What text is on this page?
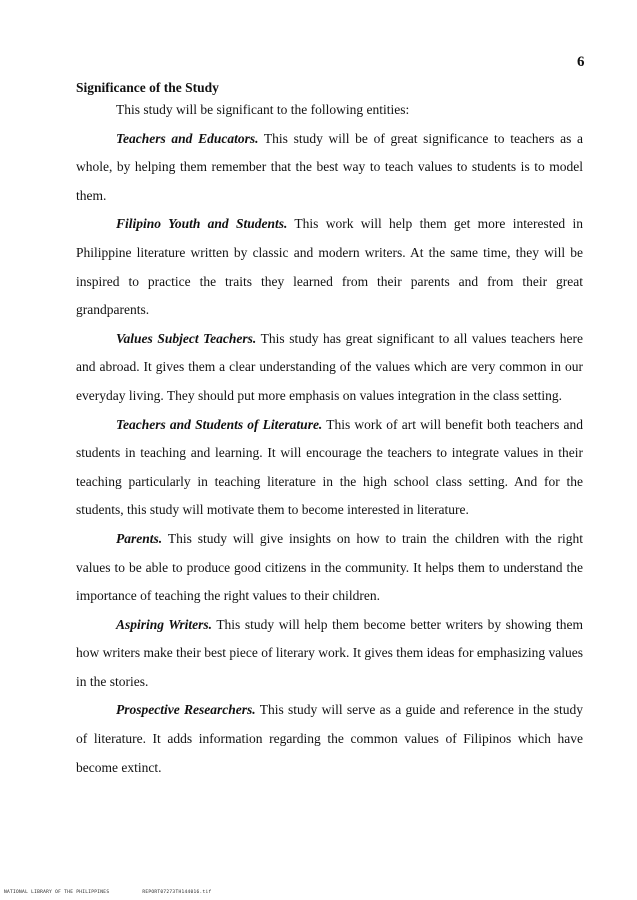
6
Significance of the Study

This study will be significant to the following entities:

Teachers and Educators. This study will be of great significance to teachers as a whole, by helping them remember that the best way to teach values to students is to model them.

Filipino Youth and Students. This work will help them get more interested in Philippine literature written by classic and modern writers. At the same time, they will be inspired to practice the traits they learned from their parents and from their great grandparents.

Values Subject Teachers. This study has great significant to all values teachers here and abroad. It gives them a clear understanding of the values which are very common in our everyday living. They should put more emphasis on values integration in the class setting.

Teachers and Students of Literature. This work of art will benefit both teachers and students in teaching and learning. It will encourage the teachers to integrate values in their teaching particularly in teaching literature in the high school class setting. And for the students, this study will motivate them to become interested in literature.

Parents. This study will give insights on how to train the children with the right values to be able to produce good citizens in the community. It helps them to understand the importance of teaching the right values to their children.

Aspiring Writers. This study will help them become better writers by showing them how writers make their best piece of literary work. It gives them ideas for emphasizing values in the stories.

Prospective Researchers. This study will serve as a guide and reference in the study of literature. It adds information regarding the common values of Filipinos which have become extinct.

NATIONAL LIBRARY OF THE PHILIPPINES	REPORT07273TH144016.tif
